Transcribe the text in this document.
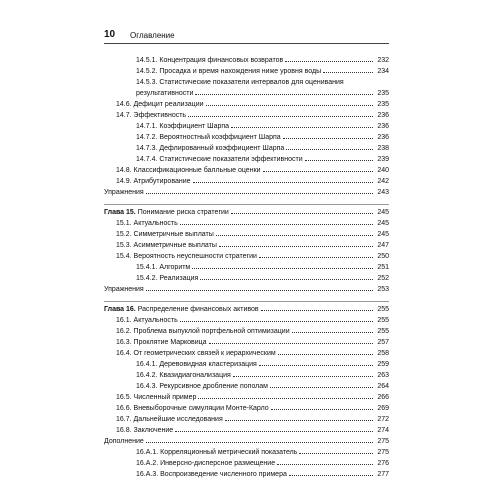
10 Оглавление
14.5.1. Концентрация финансовых возвратов	232
14.5.2. Просадка и время нахождения ниже уровня воды	234
14.5.3. Статистические показатели интервалов для оценивания
результативности	235
14.6. Дефицит реализации	235
14.7. Эффективность	236
14.7.1. Коэффициент Шарпа	236
14.7.2. Вероятностный коэффициент Шарпа	236
14.7.3. Дефлированный коэффициент Шарпа	238
14.7.4. Статистические показатели эффективности	239
14.8. Классификационные балльные оценки	240
14.9. Атрибутирование	242
Упражнения	243
Глава 15. Понимание риска стратегии	245
15.1. Актуальность	245
15.2. Симметричные выплаты	245
15.3. Асимметричные выплаты	247
15.4. Вероятность неуспешности стратегии	250
15.4.1. Алгоритм	251
15.4.2. Реализация	252
Упражнения	253
Глава 16. Распределение финансовых активов	255
16.1. Актуальность	255
16.2. Проблема выпуклой портфельной оптимизации	255
16.3. Проклятие Марковица	257
16.4. От геометрических связей к иерархическим	258
16.4.1. Деревовидная кластеризация	259
16.4.2. Квазидиагонализация	263
16.4.3. Рекурсивное дробление пополам	264
16.5. Численный пример	266
16.6. Вневыборочные симуляции Монте-Карло	269
16.7. Дальнейшие исследования	272
16.8. Заключение	274
Дополнение	275
16.A.1. Корреляционный метрический показатель	275
16.A.2. Инверсно-дисперсное размещение	276
16.A.3. Воспроизведение численного примера	277
